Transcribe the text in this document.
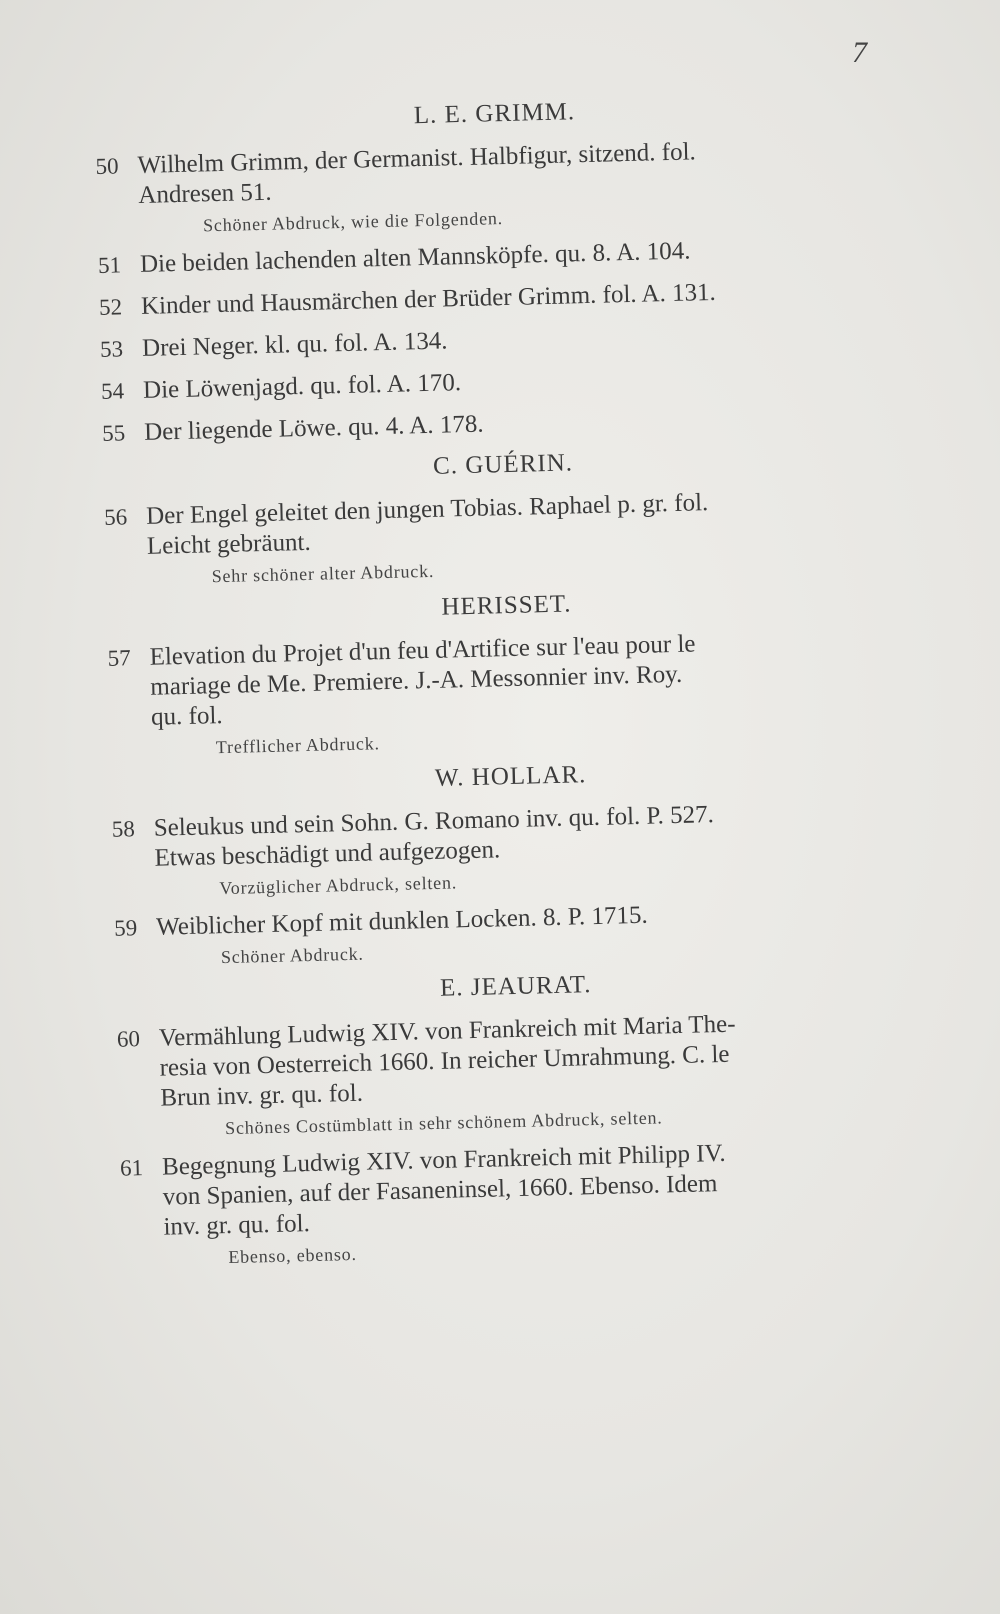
7
L. E. GRIMM.
50 Wilhelm Grimm, der Germanist. Halbfigur, sitzend. fol.
Andresen 51.
Schöner Abdruck, wie die Folgenden.
51 Die beiden lachenden alten Mannsköpfe. qu. 8. A. 104.
52 Kinder und Hausmärchen der Brüder Grimm. fol. A. 131.
53 Drei Neger. kl. qu. fol. A. 134.
54 Die Löwenjagd. qu. fol. A. 170.
55 Der liegende Löwe. qu. 4. A. 178.
C. GUÉRIN.
56 Der Engel geleitet den jungen Tobias. Raphael p. gr. fol.
Leicht gebräunt.
Sehr schöner alter Abdruck.
HERISSET.
57 Elevation du Projet d'un feu d'Artifice sur l'eau pour le
mariage de Me. Premiere. J.-A. Messonnier inv. Roy.
qu. fol.
Trefflicher Abdruck.
W. HOLLAR.
58 Seleukus und sein Sohn. G. Romano inv. qu. fol. P. 527.
Etwas beschädigt und aufgezogen.
Vorzüglicher Abdruck, selten.
59 Weiblicher Kopf mit dunklen Locken. 8. P. 1715.
Schöner Abdruck.
E. JEAURAT.
60 Vermählung Ludwig XIV. von Frankreich mit Maria The-
resia von Oesterreich 1660. In reicher Umrahmung. C. le
Brun inv. gr. qu. fol.
Schönes Costümblatt in sehr schönem Abdruck, selten.
61 Begegnung Ludwig XIV. von Frankreich mit Philipp IV.
von Spanien, auf der Fasaneninsel, 1660. Ebenso. Idem
inv. gr. qu. fol.
Ebenso, ebenso.
